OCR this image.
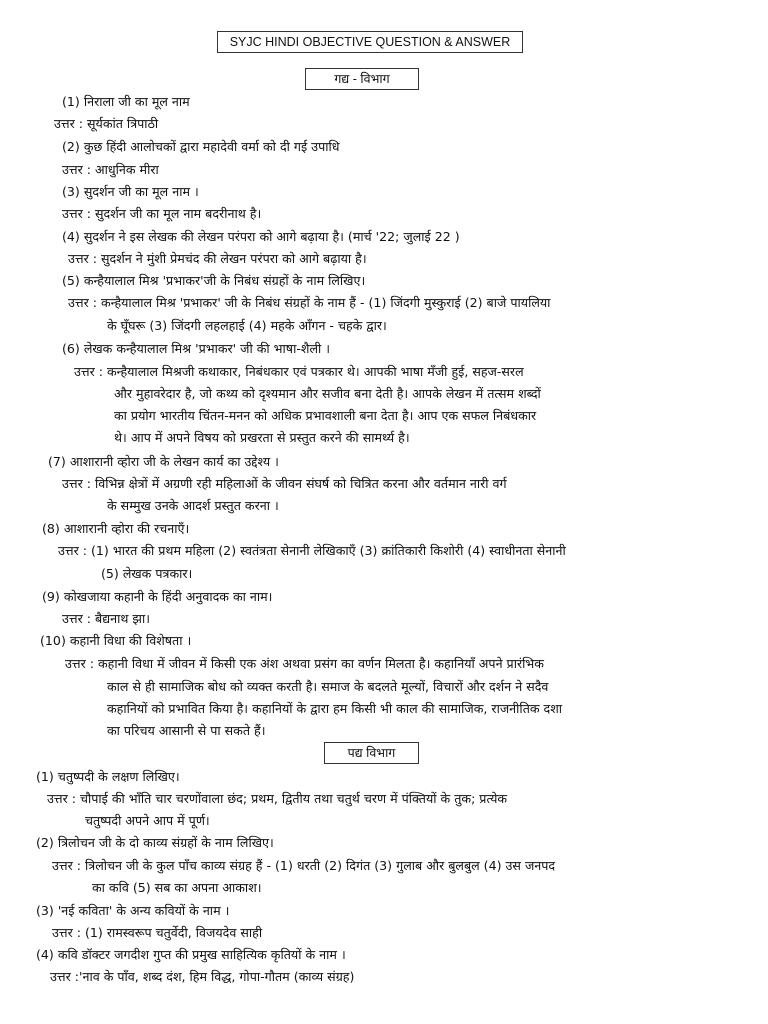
SYJC HINDI OBJECTIVE QUESTION & ANSWER
गद्य - विभाग
(1) निराला जी का मूल नाम
उत्तर : सूर्यकांत त्रिपाठी
(2) कुछ हिंदी आलोचकों द्वारा महादेवी वर्मा को दी गई उपाधि
उत्तर : आधुनिक मीरा
(3) सुदर्शन जी का मूल नाम ।
उत्तर : सुदर्शन जी का मूल नाम बदरीनाथ है।
(4) सुदर्शन ने इस लेखक की लेखन परंपरा को आगे बढ़ाया है। (मार्च '22; जुलाई 22 )
उत्तर : सुदर्शन ने मुंशी प्रेमचंद की लेखन परंपरा को आगे बढ़ाया है।
(5) कन्हैयालाल मिश्र 'प्रभाकर'जी के निबंध संग्रहों के नाम लिखिए।
उत्तर : कन्हैयालाल मिश्र 'प्रभाकर' जी के निबंध संग्रहों के नाम हैं - (1) जिंदगी मुस्कुराई (2) बाजे पायलिया
के घूँघरू (3) जिंदगी लहलहाई (4) महके आँगन - चहके द्वार।
(6) लेखक कन्हैयालाल मिश्र 'प्रभाकर' जी की भाषा-शैली ।
उत्तर : कन्हैयालाल मिश्रजी कथाकार, निबंधकार एवं पत्रकार थे। आपकी भाषा मँजी हुई, सहज-सरल
और मुहावरेदार है, जो कथ्य को दृश्यमान और सजीव बना देती है। आपके लेखन में तत्सम शब्दों
का प्रयोग भारतीय चिंतन-मनन को अधिक प्रभावशाली बना देता है। आप एक सफल निबंधकार
थे। आप में अपने विषय को प्रखरता से प्रस्तुत करने की सामर्थ्य है।
(7) आशारानी व्होरा जी के लेखन कार्य का उद्देश्य ।
उत्तर : विभिन्न क्षेत्रों में अग्रणी रही महिलाओं के जीवन संघर्ष को चित्रित करना और वर्तमान नारी वर्ग
के सम्मुख उनके आदर्श प्रस्तुत करना ।
(8) आशारानी व्होरा की रचनाएँ।
उत्तर : (1) भारत की प्रथम महिला (2) स्वतंत्रता सेनानी लेखिकाएँ (3) क्रांतिकारी किशोरी (4) स्वाधीनता सेनानी
(5) लेखक पत्रकार।
(9) कोखजाया कहानी के हिंदी अनुवादक का नाम।
उत्तर : बैद्यनाथ झा।
(10) कहानी विधा की विशेषता ।
उत्तर : कहानी विधा में जीवन में किसी एक अंश अथवा प्रसंग का वर्णन मिलता है। कहानियाँ अपने प्रारंभिक
काल से ही सामाजिक बोध को व्यक्त करती है। समाज के बदलते मूल्यों, विचारों और दर्शन ने सदैव
कहानियों को प्रभावित किया है। कहानियों के द्वारा हम किसी भी काल की सामाजिक, राजनीतिक दशा
का परिचय आसानी से पा सकते हैं।
पद्य विभाग
(1) चतुष्पदी के लक्षण लिखिए।
उत्तर : चौपाई की भाँति चार चरणोंवाला छंद; प्रथम, द्वितीय तथा चतुर्थ चरण में पंक्तियों के तुक; प्रत्येक
चतुष्पदी अपने आप में पूर्ण।
(2) त्रिलोचन जी के दो काव्य संग्रहों के नाम लिखिए।
उत्तर : त्रिलोचन जी के कुल पाँच काव्य संग्रह हैं - (1) धरती (2) दिगंत (3) गुलाब और बुलबुल (4) उस जनपद
का कवि (5) सब का अपना आकाश।
(3) 'नई कविता' के अन्य कवियों के नाम ।
उत्तर : (1) रामस्वरूप चतुर्वेदी, विजयदेव साही
(4) कवि डॉक्टर जगदीश गुप्त की प्रमुख साहित्यिक कृतियों के नाम ।
उत्तर :'नाव के पाँव, शब्द दंश, हिम विद्ध, गोपा-गौतम (काव्य संग्रह)
